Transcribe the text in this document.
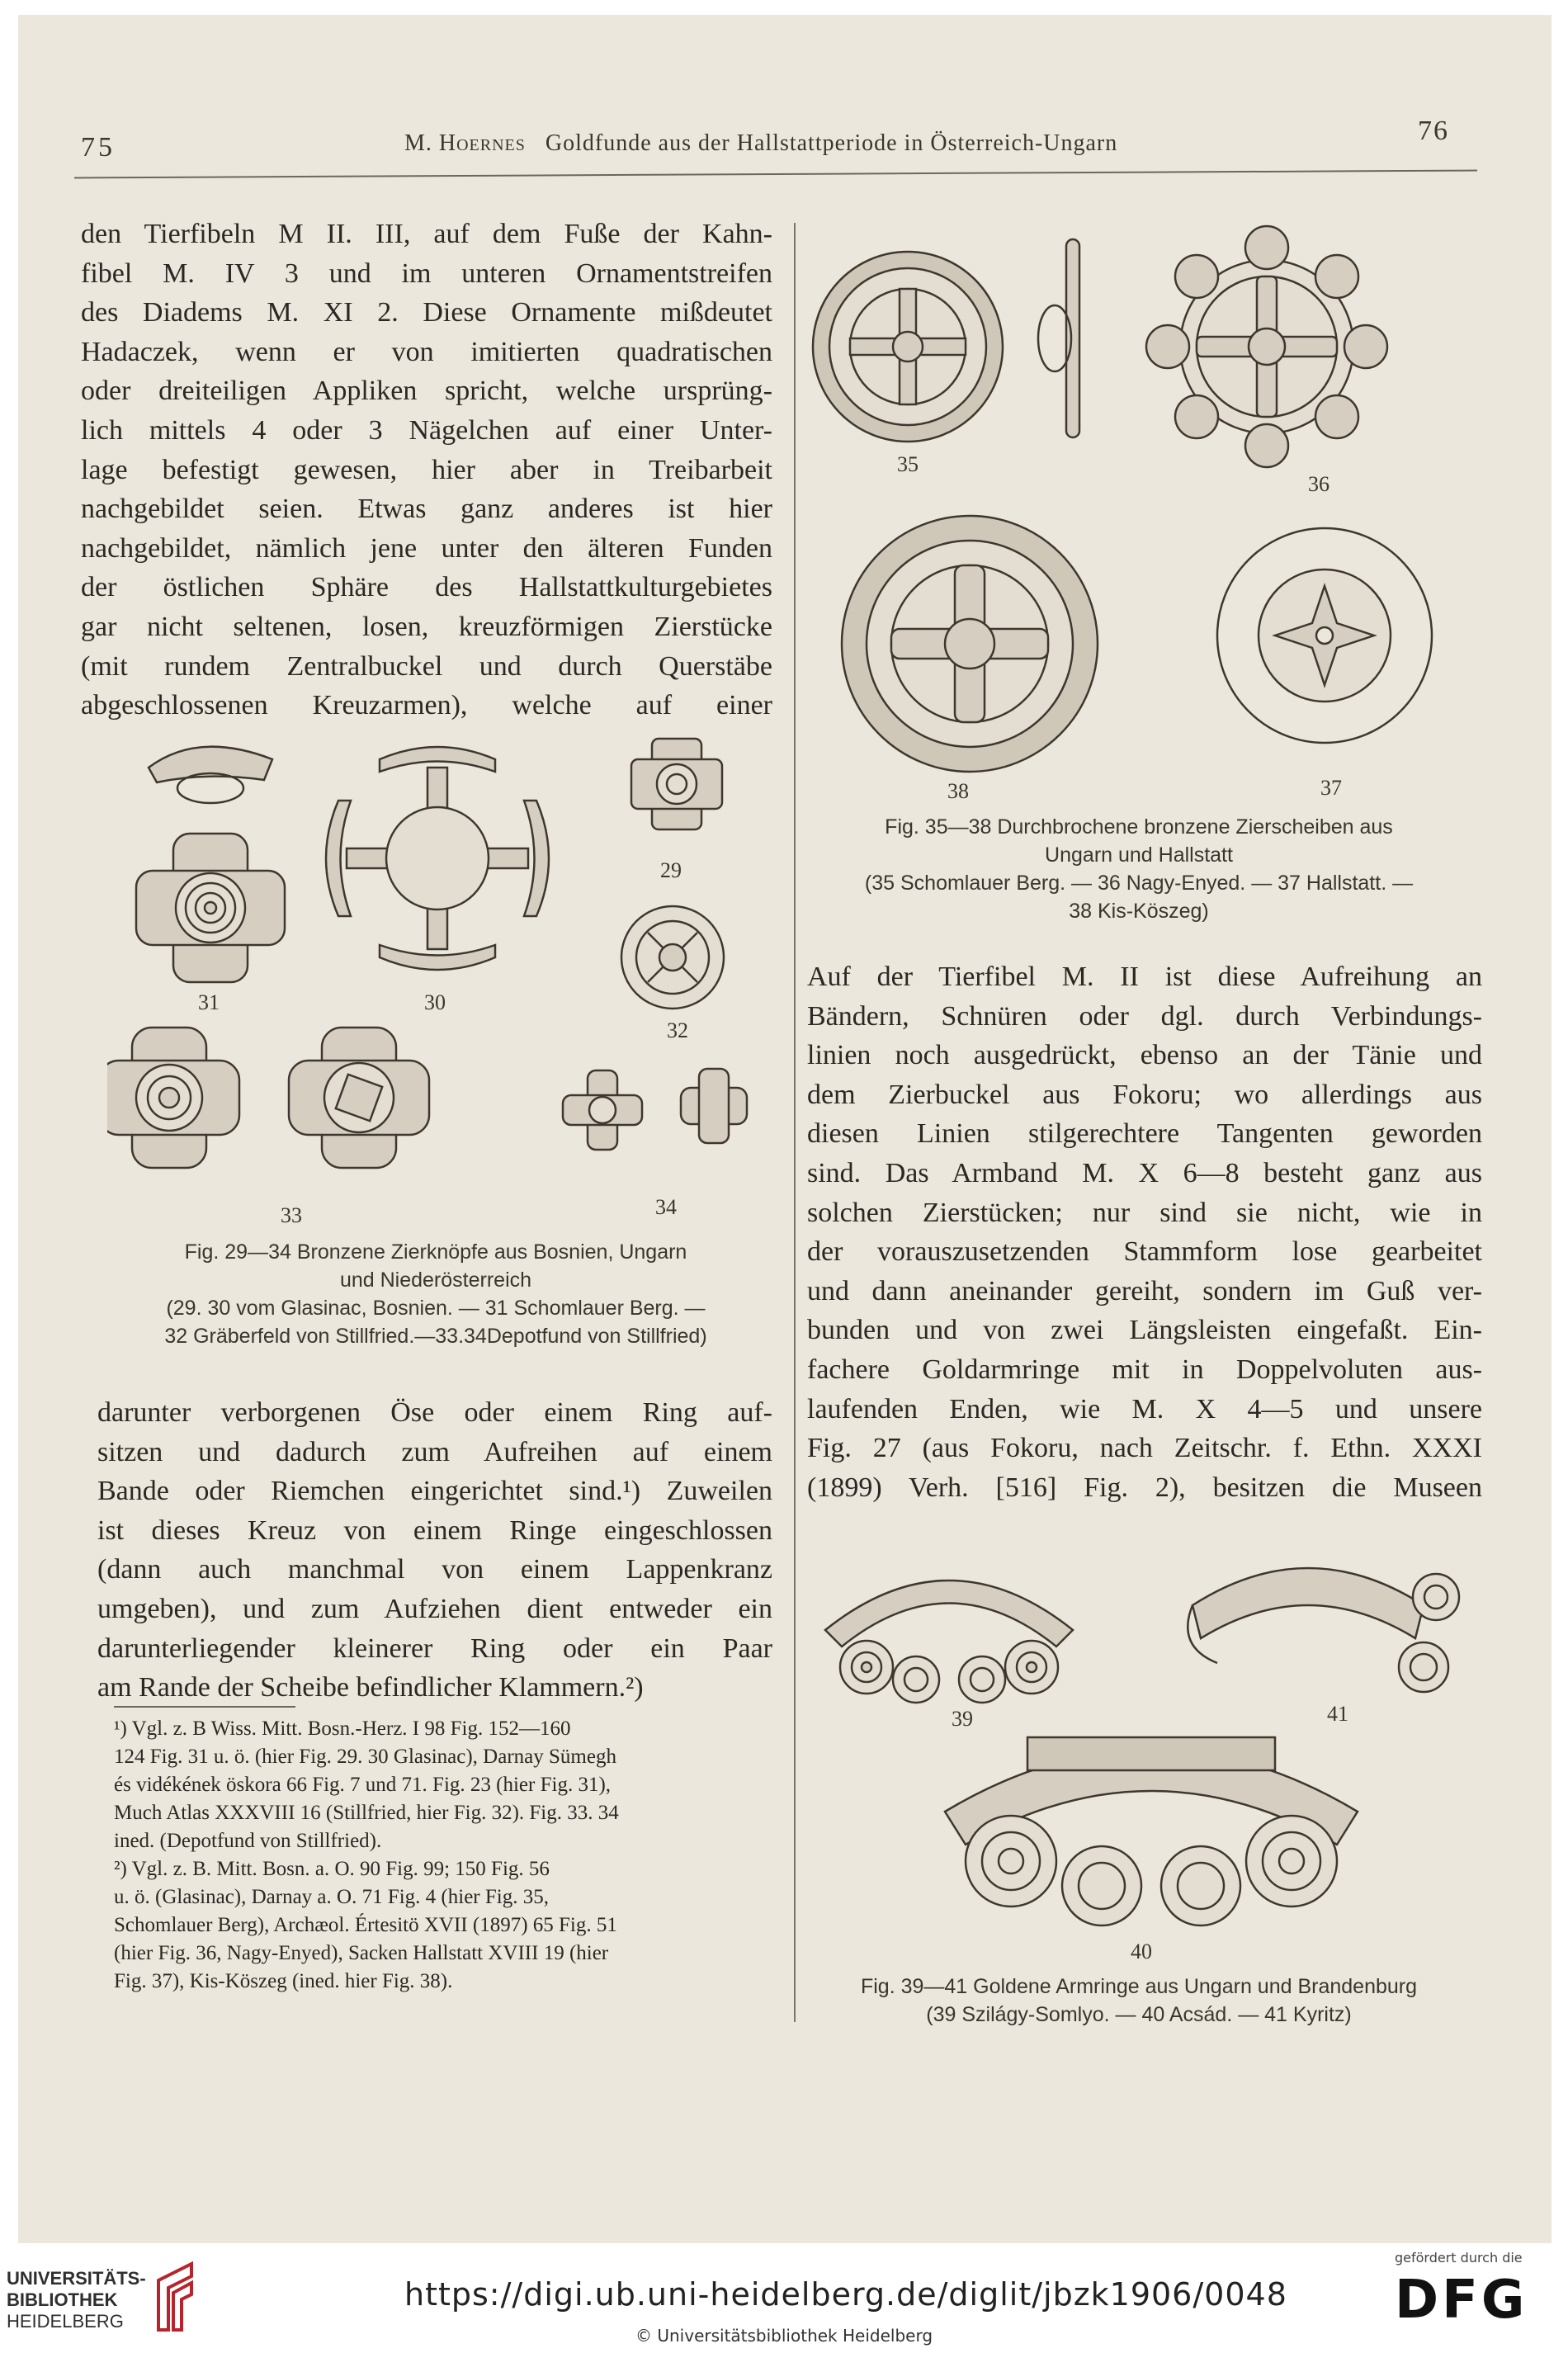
75	M. Hoernes Goldfunde aus der Hallstattperiode in Österreich-Ungarn	76
den Tierfibeln M II. III, auf dem Fuße der Kahn-
fibel M. IV 3 und im unteren Ornamentstreifen
des Diadems M. XI 2. Diese Ornamente mißdeutet
Hadaczek, wenn er von imitierten quadratischen
oder dreiteiligen Appliken spricht, welche ursprüng-
lich mittels 4 oder 3 Nägelchen auf einer Unter-
lage befestigt gewesen, hier aber in Treibarbeit
nachgebildet seien. Etwas ganz anderes ist hier
nachgebildet, nämlich jene unter den älteren Funden
der östlichen Sphäre des Hallstattkulturgebietes
gar nicht seltenen, losen, kreuzförmigen Zierstücke
(mit rundem Zentralbuckel und durch Querstäbe
abgeschlossenen Kreuzarmen), welche auf einer
31	30
29
32
33	34
Fig. 29—34 Bronzene Zierknöpfe aus Bosnien, Ungarn
und Niederösterreich
(29. 30 vom Glasinac, Bosnien. — 31 Schomlauer Berg. —
32 Gräberfeld von Stillfried.—33.34Depotfund von Stillfried)
darunter verborgenen Öse oder einem Ring auf-
sitzen und dadurch zum Aufreihen auf einem
Bande oder Riemchen eingerichtet sind.¹) Zuweilen
ist dieses Kreuz von einem Ringe eingeschlossen
(dann auch manchmal von einem Lappenkranz
umgeben), und zum Aufziehen dient entweder ein
darunterliegender kleinerer Ring oder ein Paar
am Rande der Scheibe befindlicher Klammern.²)
¹) Vgl. z. B Wiss. Mitt. Bosn.-Herz. I 98 Fig. 152—160
124 Fig. 31 u. ö. (hier Fig. 29. 30 Glasinac), Darnay Sümegh
és vidékének öskora 66 Fig. 7 und 71. Fig. 23 (hier Fig. 31),
Much Atlas XXXVIII 16 (Stillfried, hier Fig. 32). Fig. 33. 34
ined. (Depotfund von Stillfried).
²) Vgl. z. B. Mitt. Bosn. a. O. 90 Fig. 99; 150 Fig. 56
u. ö. (Glasinac), Darnay a. O. 71 Fig. 4 (hier Fig. 35,
Schomlauer Berg), Archæol. Értesitö XVII (1897) 65 Fig. 51
(hier Fig. 36, Nagy-Enyed), Sacken Hallstatt XVIII 19 (hier
Fig. 37), Kis-Köszeg (ined. hier Fig. 38).
35
36
37
38
Fig. 35—38 Durchbrochene bronzene Zierscheiben aus
Ungarn und Hallstatt
(35 Schomlauer Berg. — 36 Nagy-Enyed. — 37 Hallstatt. —
38 Kis-Köszeg)
Auf der Tierfibel M. II ist diese Aufreihung an
Bändern, Schnüren oder dgl. durch Verbindungs-
linien noch ausgedrückt, ebenso an der Tänie und
dem Zierbuckel aus Fokoru; wo allerdings aus
diesen Linien stilgerechtere Tangenten geworden
sind. Das Armband M. X 6—8 besteht ganz aus
solchen Zierstücken; nur sind sie nicht, wie in
der vorauszusetzenden Stammform lose gearbeitet
und dann aneinander gereiht, sondern im Guß ver-
bunden und von zwei Längsleisten eingefaßt. Ein-
fachere Goldarmringe mit in Doppelvoluten aus-
laufenden Enden, wie M. X 4—5 und unsere
Fig. 27 (aus Fokoru, nach Zeitschr. f. Ethn. XXXI
(1899) Verh. [516] Fig. 2), besitzen die Museen
39	41
40
Fig. 39—41 Goldene Armringe aus Ungarn und Brandenburg
(39 Szilágy-Somlyo. — 40 Acsád. — 41 Kyritz)
UNIVERSITÄTS-
BIBLIOTHEK
HEIDELBERG
https://digi.ub.uni-heidelberg.de/diglit/jbzk1906/0048
© Universitätsbibliothek Heidelberg
gefördert durch die
DFG
